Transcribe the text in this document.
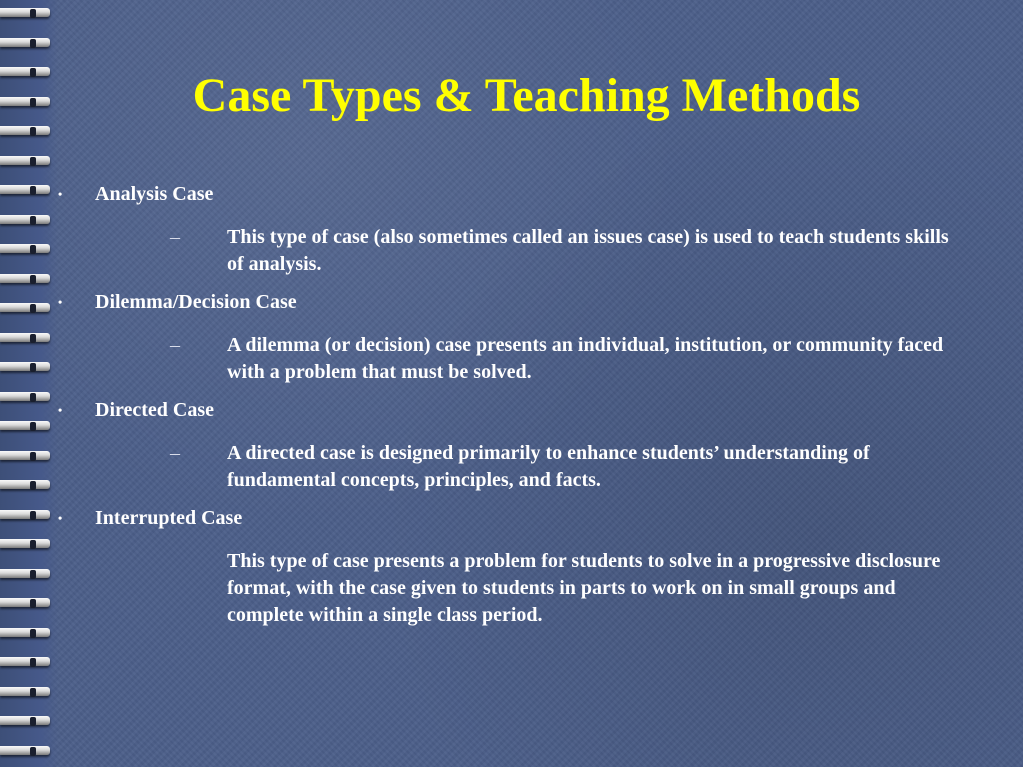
Case Types & Teaching Methods
• Analysis Case
– This type of case (also sometimes called an issues case) is used to teach students skills of analysis.
• Dilemma/Decision Case
– A dilemma (or decision) case presents an individual, institution, or community faced with a problem that must be solved.
• Directed Case
– A directed case is designed primarily to enhance students’ understanding of fundamental concepts, principles, and facts.
• Interrupted Case
This type of case presents a problem for students to solve in a progressive disclosure format, with the case given to students in parts to work on in small groups and complete within a single class period.
